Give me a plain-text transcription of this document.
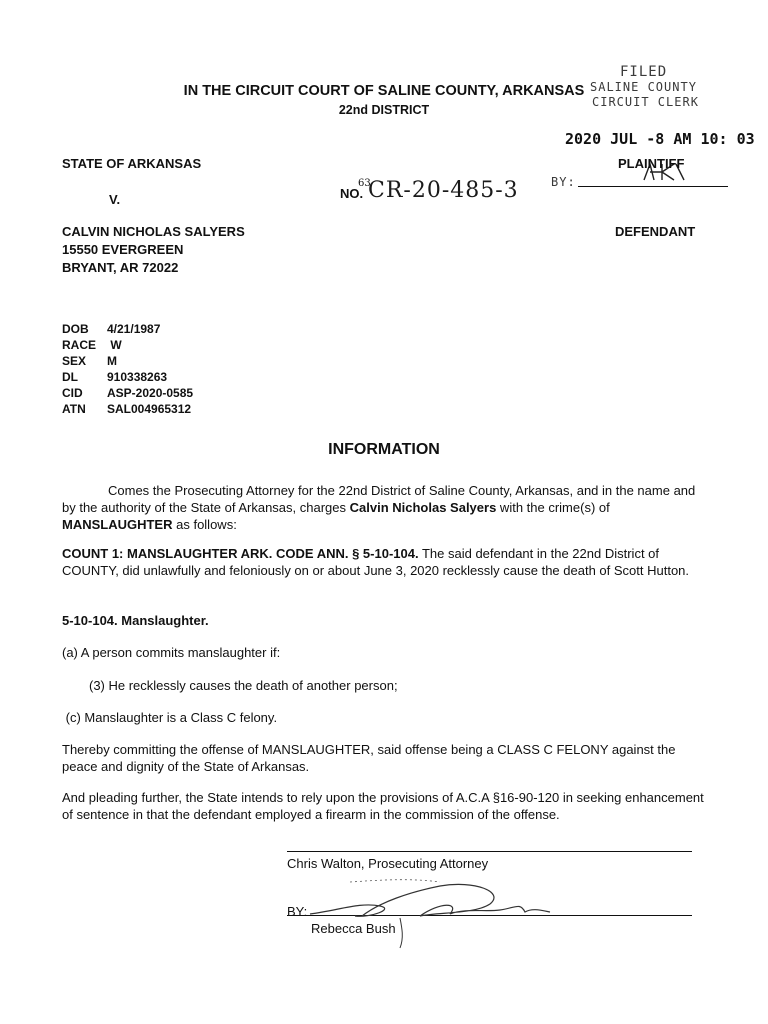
IN THE CIRCUIT COURT OF SALINE COUNTY, ARKANSAS
22nd DISTRICT
FILED
SALINE COUNTY
CIRCUIT CLERK
2020 JUL -8 AM 10: 03
BY:
STATE OF ARKANSAS	PLAINTIFF
V.	NO.
63
CR-20-485-3
CALVIN NICHOLAS SALYERS	DEFENDANT
15550 EVERGREEN
BRYANT, AR 72022
DOB	4/21/1987
RACE	W
SEX	M
DL	910338263
CID	ASP-2020-0585
ATN	SAL004965312
INFORMATION
Comes the Prosecuting Attorney for the 22nd District of Saline County, Arkansas, and in the name and by the authority of the State of Arkansas, charges Calvin Nicholas Salyers with the crime(s) of MANSLAUGHTER as follows:
COUNT 1: MANSLAUGHTER ARK. CODE ANN. § 5-10-104. The said defendant in the 22nd District of COUNTY, did unlawfully and feloniously on or about June 3, 2020 recklessly cause the death of Scott Hutton.
5-10-104. Manslaughter.
(a) A person commits manslaughter if:
(3) He recklessly causes the death of another person;
(c) Manslaughter is a Class C felony.
Thereby committing the offense of MANSLAUGHTER, said offense being a CLASS C FELONY against the peace and dignity of the State of Arkansas.
And pleading further, the State intends to rely upon the provisions of A.C.A §16-90-120 in seeking enhancement of sentence in that the defendant employed a firearm in the commission of the offense.
Chris Walton, Prosecuting Attorney
BY:
Rebecca Bush
